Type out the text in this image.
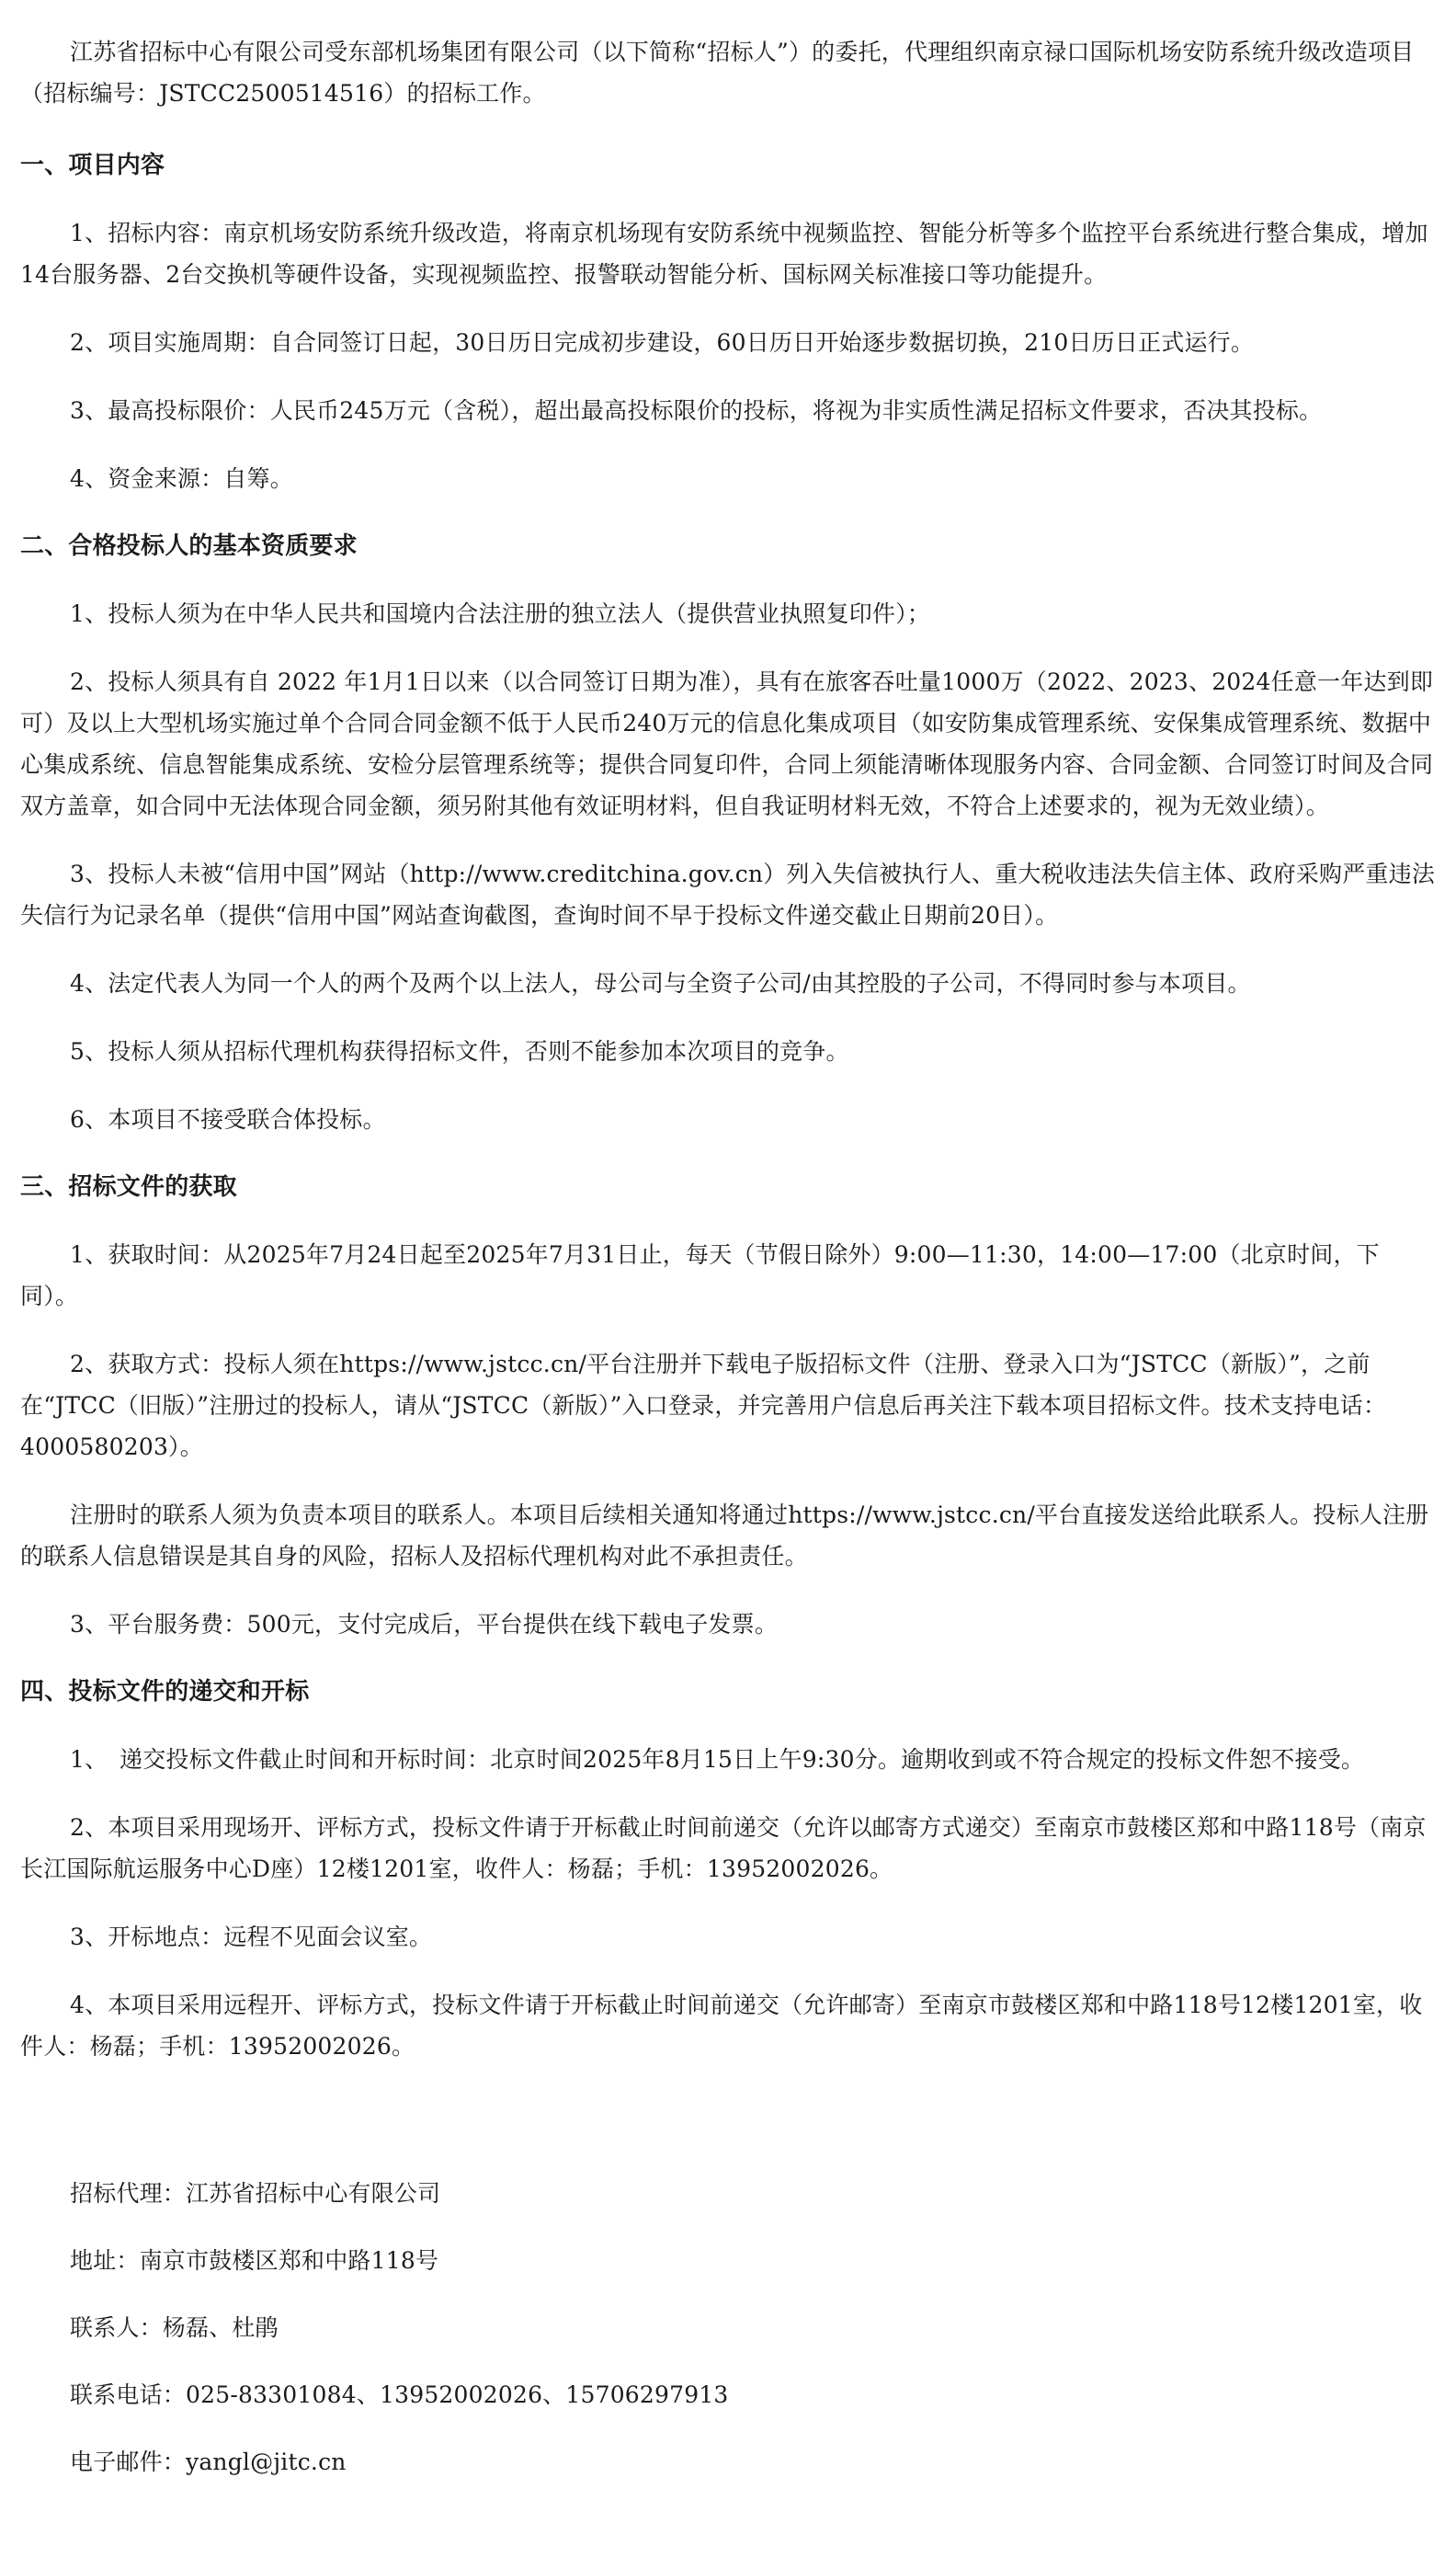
江苏省招标中心有限公司受东部机场集团有限公司（以下简称“招标人”）的委托，代理组织南京禄口国际机场安防系统升级改造项目（招标编号：JSTCC2500514516）的招标工作。

一、项目内容

1、招标内容：南京机场安防系统升级改造，将南京机场现有安防系统中视频监控、智能分析等多个监控平台系统进行整合集成，增加14台服务器、2台交换机等硬件设备，实现视频监控、报警联动智能分析、国标网关标准接口等功能提升。

2、项目实施周期：自合同签订日起，30日历日完成初步建设，60日历日开始逐步数据切换，210日历日正式运行。

3、最高投标限价：人民币245万元（含税），超出最高投标限价的投标，将视为非实质性满足招标文件要求，否决其投标。

4、资金来源：自筹。

二、合格投标人的基本资质要求

1、投标人须为在中华人民共和国境内合法注册的独立法人（提供营业执照复印件）；

2、投标人须具有自 2022 年1月1日以来（以合同签订日期为准），具有在旅客吞吐量1000万（2022、2023、2024任意一年达到即可）及以上大型机场实施过单个合同合同金额不低于人民币240万元的信息化集成项目（如安防集成管理系统、安保集成管理系统、数据中心集成系统、信息智能集成系统、安检分层管理系统等；提供合同复印件，合同上须能清晰体现服务内容、合同金额、合同签订时间及合同双方盖章，如合同中无法体现合同金额，须另附其他有效证明材料，但自我证明材料无效，不符合上述要求的，视为无效业绩）。

3、投标人未被“信用中国”网站（http://www.creditchina.gov.cn）列入失信被执行人、重大税收违法失信主体、政府采购严重违法失信行为记录名单（提供“信用中国”网站查询截图，查询时间不早于投标文件递交截止日期前20日）。

4、法定代表人为同一个人的两个及两个以上法人，母公司与全资子公司/由其控股的子公司，不得同时参与本项目。

5、投标人须从招标代理机构获得招标文件，否则不能参加本次项目的竞争。

6、本项目不接受联合体投标。

三、招标文件的获取

1、获取时间：从2025年7月24日起至2025年7月31日止，每天（节假日除外）9:00—11:30，14:00—17:00（北京时间，下同）。

2、获取方式：投标人须在https://www.jstcc.cn/平台注册并下载电子版招标文件（注册、登录入口为“JSTCC（新版）”，之前在“JTCC（旧版）”注册过的投标人，请从“JSTCC（新版）”入口登录，并完善用户信息后再关注下载本项目招标文件。技术支持电话：4000580203）。

注册时的联系人须为负责本项目的联系人。本项目后续相关通知将通过https://www.jstcc.cn/平台直接发送给此联系人。投标人注册的联系人信息错误是其自身的风险，招标人及招标代理机构对此不承担责任。

3、平台服务费：500元，支付完成后，平台提供在线下载电子发票。

四、投标文件的递交和开标

1、　递交投标文件截止时间和开标时间：北京时间2025年8月15日上午9:30分。逾期收到或不符合规定的投标文件恕不接受。

2、本项目采用现场开、评标方式，投标文件请于开标截止时间前递交（允许以邮寄方式递交）至南京市鼓楼区郑和中路118号（南京长江国际航运服务中心D座）12楼1201室，收件人：杨磊；手机：13952002026。

3、开标地点：远程不见面会议室。

4、本项目采用远程开、评标方式，投标文件请于开标截止时间前递交（允许邮寄）至南京市鼓楼区郑和中路118号12楼1201室，收件人：杨磊；手机：13952002026。

招标代理：江苏省招标中心有限公司

地址：南京市鼓楼区郑和中路118号

联系人：杨磊、杜鹃

联系电话：025-83301084、13952002026、15706297913

电子邮件：yangl@jitc.cn
